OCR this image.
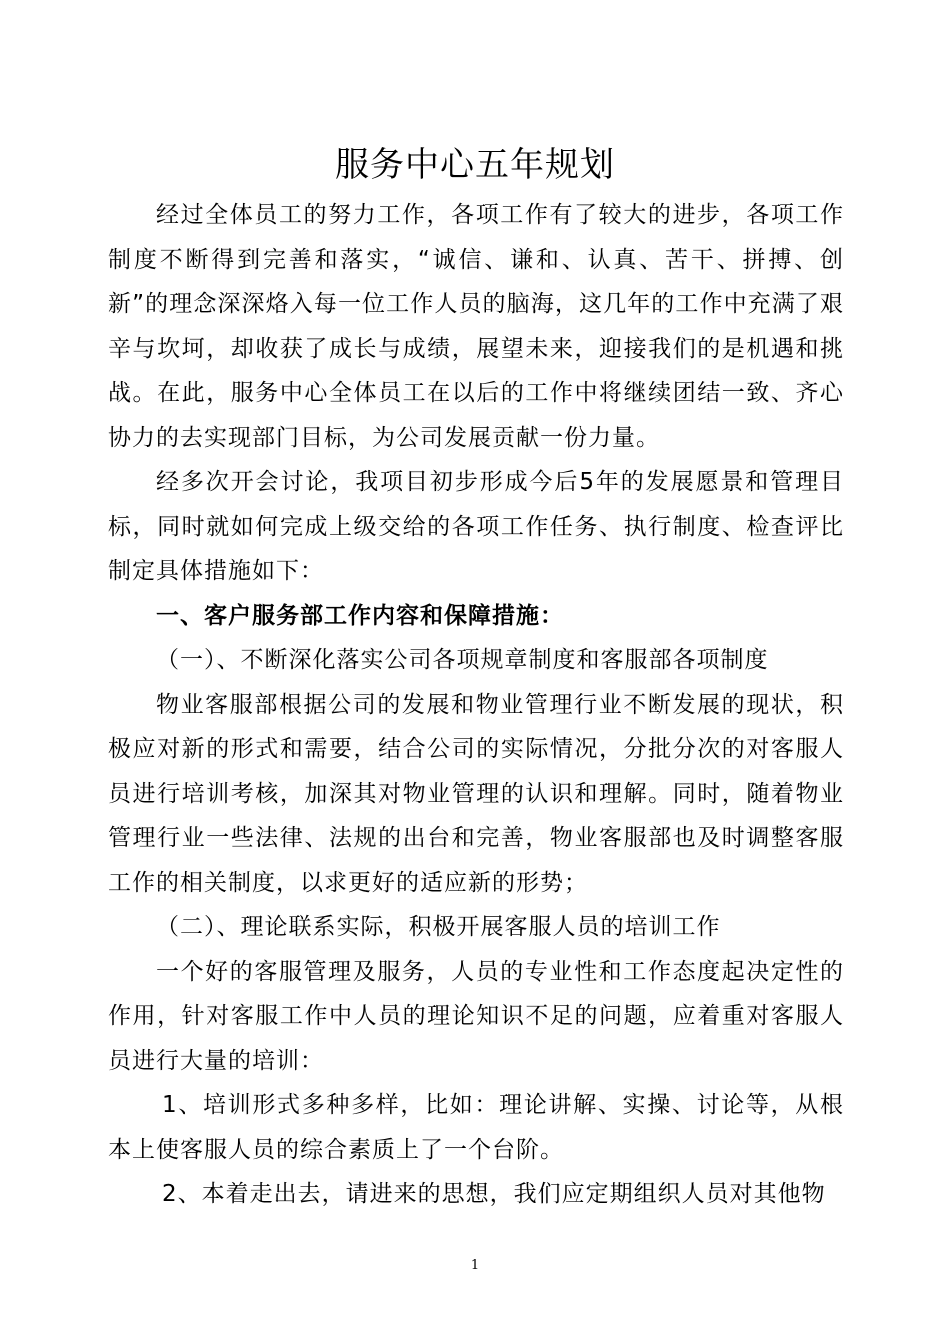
服务中心五年规划

经过全体员工的努力工作，各项工作有了较大的进步，各项工作制度不断得到完善和落实，“诚信、谦和、认真、苦干、拼搏、创新”的理念深深烙入每一位工作人员的脑海，这几年的工作中充满了艰辛与坎坷，却收获了成长与成绩，展望未来，迎接我们的是机遇和挑战。在此，服务中心全体员工在以后的工作中将继续团结一致、齐心协力的去实现部门目标，为公司发展贡献一份力量。

经多次开会讨论，我项目初步形成今后5年的发展愿景和管理目标，同时就如何完成上级交给的各项工作任务、执行制度、检查评比制定具体措施如下：

一、客户服务部工作内容和保障措施：

（一）、不断深化落实公司各项规章制度和客服部各项制度

物业客服部根据公司的发展和物业管理行业不断发展的现状，积极应对新的形式和需要，结合公司的实际情况，分批分次的对客服人员进行培训考核，加深其对物业管理的认识和理解。同时，随着物业管理行业一些法律、法规的出台和完善，物业客服部也及时调整客服工作的相关制度，以求更好的适应新的形势；

（二）、理论联系实际，积极开展客服人员的培训工作

一个好的客服管理及服务，人员的专业性和工作态度起决定性的作用，针对客服工作中人员的理论知识不足的问题，应着重对客服人员进行大量的培训：

1、培训形式多种多样，比如：理论讲解、实操、讨论等，从根本上使客服人员的综合素质上了一个台阶。

2、本着走出去，请进来的思想，我们应定期组织人员对其他物

1
